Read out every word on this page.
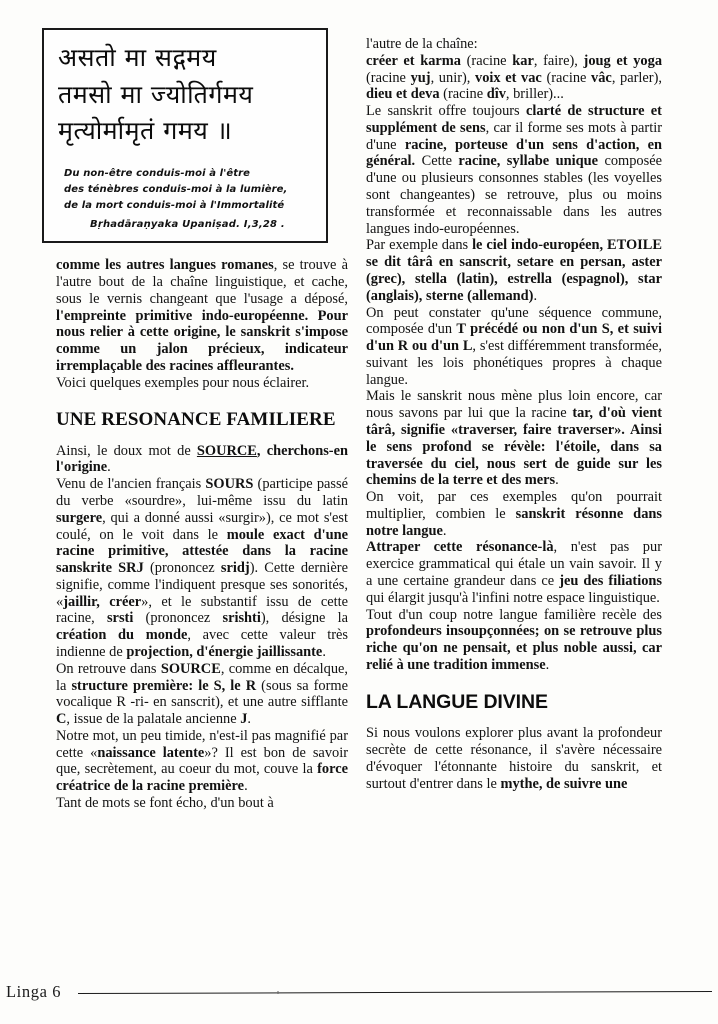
असतो मा सद्गमय
तमसो मा ज्योतिर्गमय
मृत्योर्मामृतं गमय ॥
Du non-être conduis-moi à l'être
des ténèbres conduis-moi à la lumière,
de la mort conduis-moi à l'Immortalité
Bṛhadāraṇyaka Upaniṣad. I,3,28 .

comme les autres langues romanes, se trouve à l'autre bout de la chaîne linguistique, et cache, sous le vernis changeant que l'usage a déposé, l'empreinte primitive indo-européenne. Pour nous relier à cette origine, le sanskrit s'impose comme un jalon précieux, indicateur irremplaçable des racines affleurantes.

Voici quelques exemples pour nous éclairer.

UNE RESONANCE FAMILIERE

Ainsi, le doux mot de SOURCE, cherchons-en l'origine.

Venu de l'ancien français SOURS (participe passé du verbe «sourdre», lui-même issu du latin surgere, qui a donné aussi «surgir»), ce mot s'est coulé, on le voit dans le moule exact d'une racine primitive, attestée dans la racine sanskrite SRJ (prononcez sridj). Cette dernière signifie, comme l'indiquent presque ses sonorités, «jaillir, créer», et le substantif issu de cette racine, srsti (prononcez srishti), désigne la création du monde, avec cette valeur très indienne de projection, d'énergie jaillissante.

On retrouve dans SOURCE, comme en décalque, la structure première: le S, le R (sous sa forme vocalique R -ri- en sanscrit), et une autre sifflante C, issue de la palatale ancienne J.

Notre mot, un peu timide, n'est-il pas magnifié par cette «naissance latente»? Il est bon de savoir que, secrètement, au coeur du mot, couve la force créatrice de la racine première.

Tant de mots se font écho, d'un bout à

l'autre de la chaîne:
créer et karma (racine kar, faire), joug et yoga (racine yuj, unir), voix et vac (racine vâc, parler), dieu et deva (racine dîv, briller)...

Le sanskrit offre toujours clarté de structure et supplément de sens, car il forme ses mots à partir d'une racine, porteuse d'un sens d'action, en général. Cette racine, syllabe unique composée d'une ou plusieurs consonnes stables (les voyelles sont changeantes) se retrouve, plus ou moins transformée et reconnaissable dans les autres langues indo-européennes.

Par exemple dans le ciel indo-européen, ETOILE se dit târâ en sanscrit, setare en persan, aster (grec), stella (latin), estrella (espagnol), star (anglais), sterne (allemand).

On peut constater qu'une séquence commune, composée d'un T précédé ou non d'un S, et suivi d'un R ou d'un L, s'est différemment transformée, suivant les lois phonétiques propres à chaque langue.

Mais le sanskrit nous mène plus loin encore, car nous savons par lui que la racine tar, d'où vient târâ, signifie «traverser, faire traverser». Ainsi le sens profond se révèle: l'étoile, dans sa traversée du ciel, nous sert de guide sur les chemins de la terre et des mers.

On voit, par ces exemples qu'on pourrait multiplier, combien le sanskrit résonne dans notre langue.

Attraper cette résonance-là, n'est pas pur exercice grammatical qui étale un vain savoir. Il y a une certaine grandeur dans ce jeu des filiations qui élargit jusqu'à l'infini notre espace linguistique.

Tout d'un coup notre langue familière recèle des profondeurs insoupçonnées; on se retrouve plus riche qu'on ne pensait, et plus noble aussi, car relié à une tradition immense.

LA LANGUE DIVINE

Si nous voulons explorer plus avant la profondeur secrète de cette résonance, il s'avère nécessaire d'évoquer l'étonnante histoire du sanskrit, et surtout d'entrer dans le mythe, de suivre une

Linga 6
